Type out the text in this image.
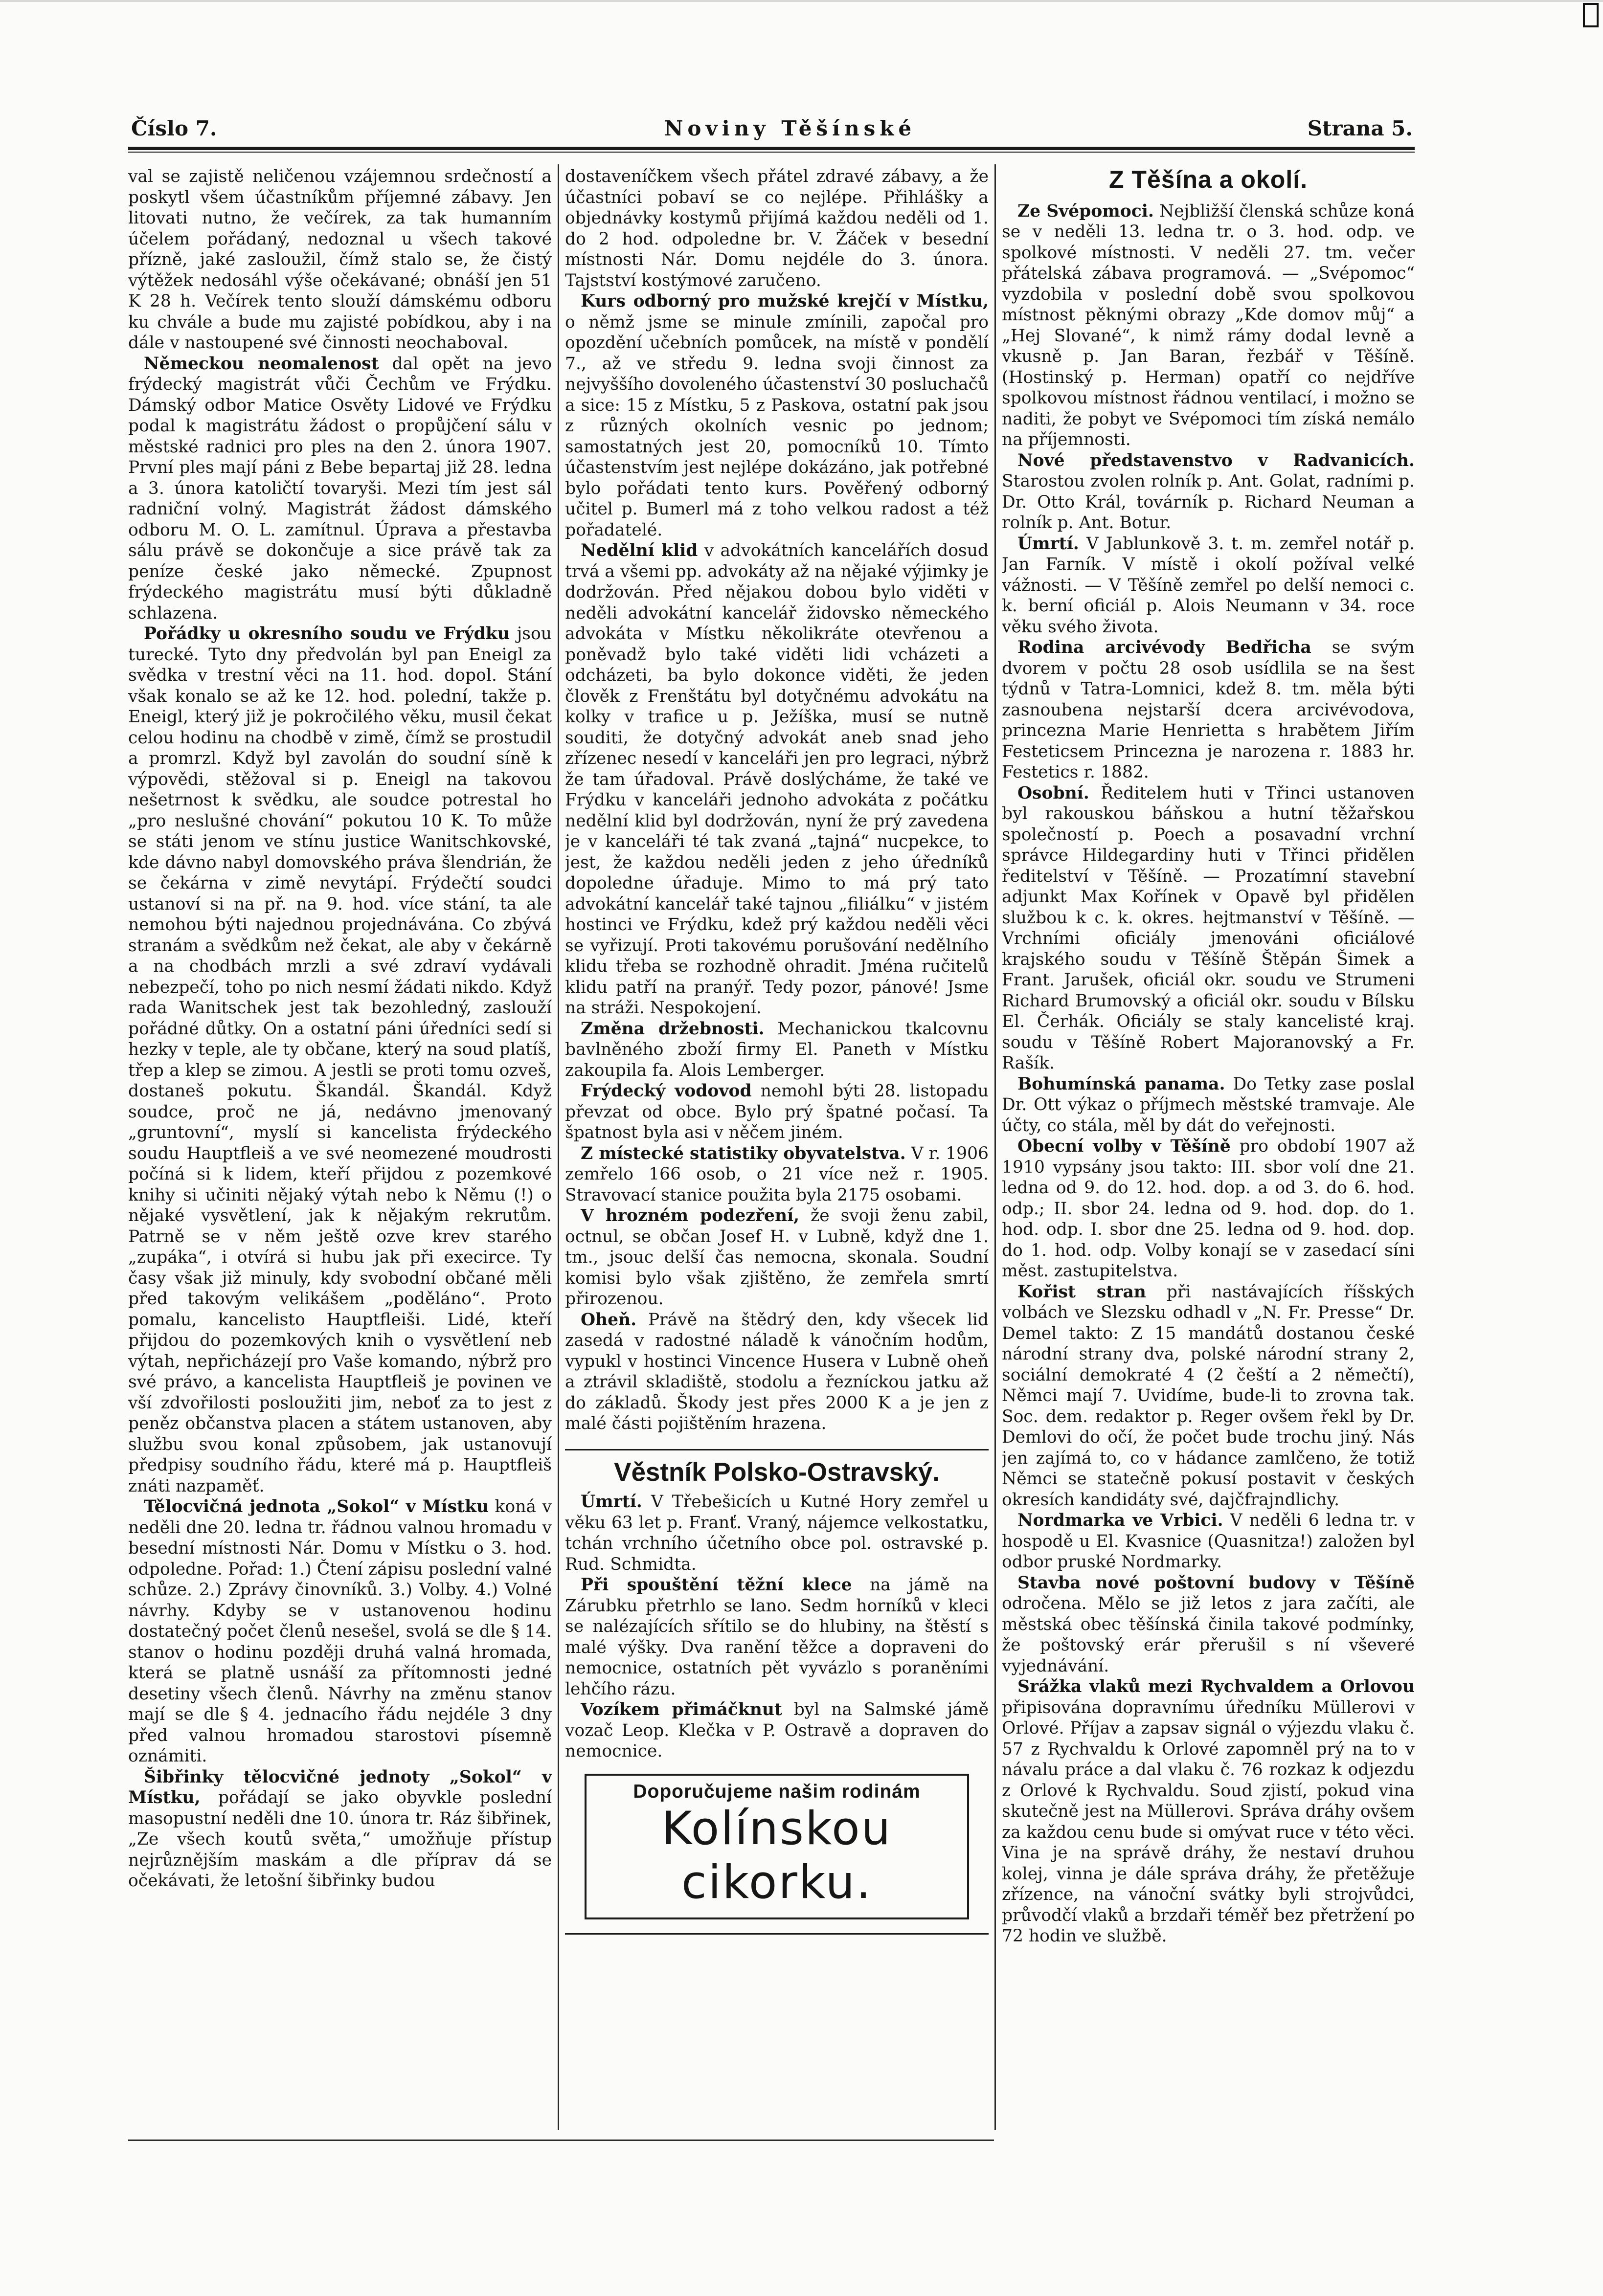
Číslo 7.	Noviny Těšínské	Strana 5.

val se zajistě neličenou vzájemnou srdečností a poskytl všem účastníkům příjemné zábavy. Jen litovati nutno, že večírek, za tak humanním účelem pořádaný, nedoznal u všech takové přízně, jaké zasloužil, čímž stalo se, že čistý výtěžek nedosáhl výše očekávané; obnáší jen 51 K 28 h. Večírek tento slouží dámskému odboru ku chvále a bude mu zajisté pobídkou, aby i na dále v nastoupené své činnosti neochaboval.

Německou neomalenost dal opět na jevo frýdecký magistrát vůči Čechům ve Frýdku. Dámský odbor Matice Osvěty Lidové ve Frýdku podal k magistrátu žádost o propůjčení sálu v městské radnici pro ples na den 2. února 1907. První ples mají páni z Bebe bepartaj již 28. ledna a 3. února katoličtí tovaryši. Mezi tím jest sál radniční volný. Magistrát žádost dámského odboru M. O. L. zamítnul. Úprava a přestavba sálu právě se dokončuje a sice právě tak za peníze české jako německé. Zpupnost frýdeckého magistrátu musí býti důkladně schlazena.

Pořádky u okresního soudu ve Frýdku jsou turecké. Tyto dny předvolán byl pan Eneigl za svědka v trestní věci na 11. hod. dopol. Stání však konalo se až ke 12. hod. polední, takže p. Eneigl, který již je pokročilého věku, musil čekat celou hodinu na chodbě v zimě, čímž se prostudil a promrzl. Když byl zavolán do soudní síně k výpovědi, stěžoval si p. Eneigl na takovou nešetrnost k svědku, ale soudce potrestal ho „pro neslušné chování“ pokutou 10 K. To může se státi jenom ve stínu justice Wanitschkovské, kde dávno nabyl domovského práva šlendrián, že se čekárna v zimě nevytápí. Frýdečtí soudci ustanoví si na př. na 9. hod. více stání, ta ale nemohou býti najednou projednávána. Co zbývá stranám a svědkům než čekat, ale aby v čekárně a na chodbách mrzli a své zdraví vydávali nebezpečí, toho po nich nesmí žádati nikdo. Když rada Wanitschek jest tak bezohledný, zaslouží pořádné důtky. On a ostatní páni úředníci sedí si hezky v teple, ale ty občane, který na soud platíš, třep a klep se zimou. A jestli se proti tomu ozveš, dostaneš pokutu. Škandál. Škandál. Když soudce, proč ne já, nedávno jmenovaný „gruntovní“, myslí si kancelista frýdeckého soudu Hauptfleiš a ve své neomezené moudrosti počíná si k lidem, kteří přijdou z pozemkové knihy si učiniti nějaký výtah nebo k Němu (!) o nějaké vysvětlení, jak k nějakým rekrutům. Patrně se v něm ještě ozve krev starého „zupáka“, i otvírá si hubu jak při execirce. Ty časy však již minuly, kdy svobodní občané měli před takovým velikášem „poděláno“. Proto pomalu, kancelisto Hauptfleiši. Lidé, kteří přijdou do pozemkových knih o vysvětlení neb výtah, nepřicházejí pro Vaše komando, nýbrž pro své právo, a kancelista Hauptfleiš je povinen ve vší zdvořilosti posloužiti jim, neboť za to jest z peněz občanstva placen a státem ustanoven, aby službu svou konal způsobem, jak ustanovují předpisy soudního řádu, které má p. Hauptfleiš znáti nazpaměť.

Tělocvičná jednota „Sokol“ v Místku koná v neděli dne 20. ledna tr. řádnou valnou hromadu v besední místnosti Nár. Domu v Místku o 3. hod. odpoledne. Pořad: 1.) Čtení zápisu poslední valné schůze. 2.) Zprávy činovníků. 3.) Volby. 4.) Volné návrhy. Kdyby se v ustanovenou hodinu dostatečný počet členů nesešel, svolá se dle § 14. stanov o hodinu později druhá valná hromada, která se platně usnáší za přítomnosti jedné desetiny všech členů. Návrhy na změnu stanov mají se dle § 4. jednacího řádu nejdéle 3 dny před valnou hromadou starostovi písemně oznámiti.

Šibřinky tělocvičné jednoty „Sokol“ v Místku, pořádají se jako obyvkle poslední masopustní neděli dne 10. února tr. Ráz šibřinek, „Ze všech koutů světa,“ umožňuje přístup nejrůznějším maskám a dle příprav dá se očekávati, že letošní šibřinky budou

dostaveníčkem všech přátel zdravé zábavy, a že účastníci pobaví se co nejlépe. Přihlášky a objednávky kostymů přijímá každou neděli od 1. do 2 hod. odpoledne br. V. Žáček v besední místnosti Nár. Domu nejdéle do 3. února. Tajstství kostýmové zaručeno.

Kurs odborný pro mužské krejčí v Místku, o němž jsme se minule zmínili, započal pro opozdění učebních pomůcek, na místě v pondělí 7., až ve středu 9. ledna svoji činnost za nejvyššího dovoleného účastenství 30 posluchačů a sice: 15 z Místku, 5 z Paskova, ostatní pak jsou z různých okolních vesnic po jednom; samostatných jest 20, pomocníků 10. Tímto účastenstvím jest nejlépe dokázáno, jak potřebné bylo pořádati tento kurs. Pověřený odborný učitel p. Bumerl má z toho velkou radost a též pořadatelé.

Nedělní klid v advokátních kancelářích dosud trvá a všemi pp. advokáty až na nějaké výjimky je dodržován. Před nějakou dobou bylo viděti v neděli advokátní kancelář židovsko německého advokáta v Místku několikráte otevřenou a poněvadž bylo také viděti lidi vcházeti a odcházeti, ba bylo dokonce viděti, že jeden člověk z Frenštátu byl dotyčnému advokátu na kolky v trafice u p. Ježíška, musí se nutně souditi, že dotyčný advokát aneb snad jeho zřízenec nesedí v kanceláři jen pro legraci, nýbrž že tam úřadoval. Právě doslýcháme, že také ve Frýdku v kanceláři jednoho advokáta z počátku nedělní klid byl dodržován, nyní že prý zavedena je v kanceláři té tak zvaná „tajná“ nucpekce, to jest, že každou neděli jeden z jeho úředníků dopoledne úřaduje. Mimo to má prý tato advokátní kancelář také tajnou „filiálku“ v jistém hostinci ve Frýdku, kdež prý každou neděli věci se vyřizují. Proti takovému porušování nedělního klidu třeba se rozhodně ohradit. Jména ručitelů klidu patří na pranýř. Tedy pozor, pánové! Jsme na stráži. Nespokojení.

Změna držebnosti. Mechanickou tkalcovnu bavlněného zboží firmy El. Paneth v Místku zakoupila fa. Alois Lemberger.

Frýdecký vodovod nemohl býti 28. listopadu převzat od obce. Bylo prý špatné počasí. Ta špatnost byla asi v něčem jiném.

Z místecké statistiky obyvatelstva. V r. 1906 zemřelo 166 osob, o 21 více než r. 1905. Stravovací stanice použita byla 2175 osobami.

V hrozném podezření, že svoji ženu zabil, octnul, se občan Josef H. v Lubně, když dne 1. tm., jsouc delší čas nemocna, skonala. Soudní komisi bylo však zjištěno, že zemřela smrtí přirozenou.

Oheň. Právě na štědrý den, kdy všecek lid zasedá v radostné náladě k vánočním hodům, vypukl v hostinci Vincence Husera v Lubně oheň a ztrávil skladiště, stodolu a řezníckou jatku až do základů. Škody jest přes 2000 K a je jen z malé části pojištěním hrazena.

Věstník Polsko-Ostravský.

Úmrtí. V Třebešicích u Kutné Hory zemřel u věku 63 let p. Franť. Vraný, nájemce velkostatku, tchán vrchního účetního obce pol. ostravské p. Rud. Schmidta.

Při spouštění těžní klece na jámě na Zárubku přetrhlo se lano. Sedm horníků v kleci se nalézajících sřítilo se do hlubiny, na štěstí s malé výšky. Dva ranění těžce a dopraveni do nemocnice, ostatních pět vyvázlo s poraněními lehčího rázu.

Vozíkem přimáčknut byl na Salmské jámě vozač Leop. Klečka v P. Ostravě a dopraven do nemocnice.

Doporučujeme našim rodinám
Kolínskou cikorku.
Z Těšína a okolí.

Ze Svépomoci. Nejbližší členská schůze koná se v neděli 13. ledna tr. o 3. hod. odp. ve spolkové místnosti. V neděli 27. tm. večer přátelská zábava programová. — „Svépomoc“ vyzdobila v poslední době svou spolkovou místnost pěknými obrazy „Kde domov můj“ a „Hej Slované“, k nimž rámy dodal levně a vkusně p. Jan Baran, řezbář v Těšíně. (Hostinský p. Herman) opatří co nejdříve spolkovou místnost řádnou ventilací, i možno se naditi, že pobyt ve Svépomoci tím získá nemálo na příjemnosti.

Nové představenstvo v Radvanicích. Starostou zvolen rolník p. Ant. Golat, radními p. Dr. Otto Král, továrník p. Richard Neuman a rolník p. Ant. Botur.

Úmrtí. V Jablunkově 3. t. m. zemřel notář p. Jan Farník. V místě i okolí požíval velké vážnosti. — V Těšíně zemřel po delší nemoci c. k. berní oficiál p. Alois Neumann v 34. roce věku svého života.

Rodina arcivévody Bedřicha se svým dvorem v počtu 28 osob usídlila se na šest týdnů v Tatra-Lomnici, kdež 8. tm. měla býti zasnoubena nejstarší dcera arcivévodova, princezna Marie Henrietta s hrabětem Jiřím Festeticsem Princezna je narozena r. 1883 hr. Festetics r. 1882.

Osobní. Ředitelem huti v Třinci ustanoven byl rakouskou báňskou a hutní těžařskou společností p. Poech a posavadní vrchní správce Hildegardiny huti v Třinci přidělen ředitelství v Těšíně. — Prozatímní stavební adjunkt Max Kořínek v Opavě byl přidělen službou k c. k. okres. hejtmanství v Těšíně. — Vrchními oficiály jmenováni oficiálové krajského soudu v Těšíně Štěpán Šimek a Frant. Jarušek, oficiál okr. soudu ve Strumeni Richard Brumovský a oficiál okr. soudu v Bílsku El. Čerhák. Oficiály se staly kancelisté kraj. soudu v Těšíně Robert Majoranovský a Fr. Rašík.

Bohumínská panama. Do Tetky zase poslal Dr. Ott výkaz o příjmech městské tramvaje. Ale účty, co stála, měl by dát do veřejnosti.

Obecní volby v Těšíně pro období 1907 až 1910 vypsány jsou takto: III. sbor volí dne 21. ledna od 9. do 12. hod. dop. a od 3. do 6. hod. odp.; II. sbor 24. ledna od 9. hod. dop. do 1. hod. odp. I. sbor dne 25. ledna od 9. hod. dop. do 1. hod. odp. Volby konají se v zasedací síni měst. zastupitelstva.

Kořist stran při nastávajících říšských volbách ve Slezsku odhadl v „N. Fr. Presse“ Dr. Demel takto: Z 15 mandátů dostanou české národní strany dva, polské národní strany 2, sociální demokraté 4 (2 čeští a 2 němečtí), Němci mají 7. Uvidíme, bude-li to zrovna tak. Soc. dem. redaktor p. Reger ovšem řekl by Dr. Demlovi do očí, že počet bude trochu jiný. Nás jen zajímá to, co v hádance zamlčeno, že totiž Němci se statečně pokusí postavit v českých okresích kandidáty své, dajčfrajndlichy.

Nordmarka ve Vrbici. V neděli 6 ledna tr. v hospodě u El. Kvasnice (Quasnitza!) založen byl odbor pruské Nordmarky.

Stavba nové poštovní budovy v Těšíně odročena. Mělo se již letos z jara začíti, ale městská obec těšínská činila takové podmínky, že poštovský erár přerušil s ní vševeré vyjednávání.

Srážka vlaků mezi Rychvaldem a Orlovou připisována dopravnímu úředníku Müllerovi v Orlové. Příjav a zapsav signál o výjezdu vlaku č. 57 z Rychvaldu k Orlové zapomněl prý na to v návalu práce a dal vlaku č. 76 rozkaz k odjezdu z Orlové k Rychvaldu. Soud zjistí, pokud vina skutečně jest na Müllerovi. Správa dráhy ovšem za každou cenu bude si omývat ruce v této věci. Vina je na správě dráhy, že nestaví druhou kolej, vinna je dále správa dráhy, že přetěžuje zřízence, na vánoční svátky byli strojvůdci, průvodčí vlaků a brzdaři téměř bez přetržení po 72 hodin ve službě.
